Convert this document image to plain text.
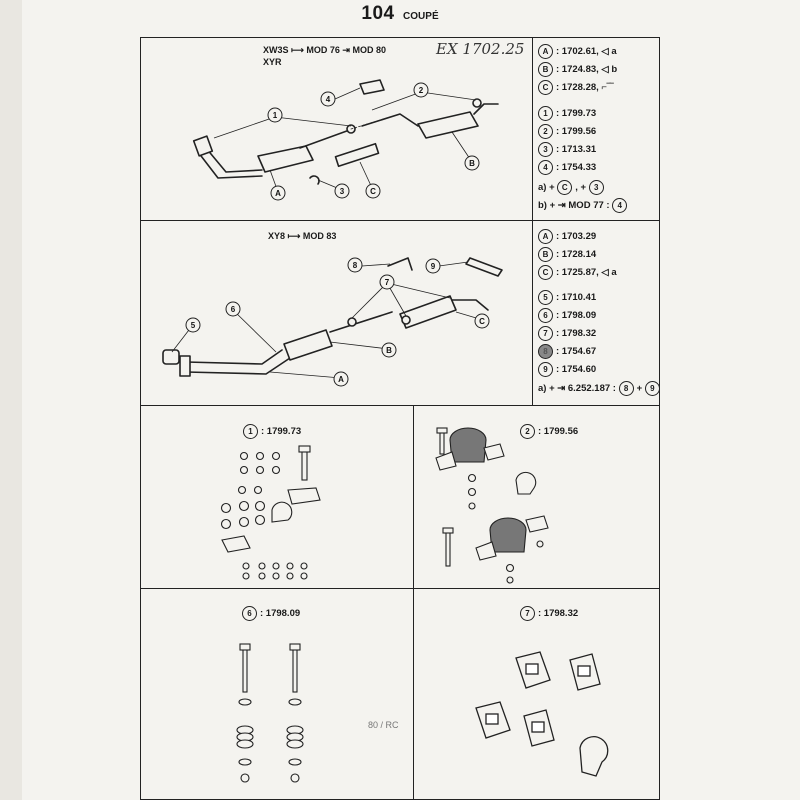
104 COUPÉ
EX 1702.25
XW3S ⟼ MOD 76 ⇥ MOD 80
XYR
A : 1702.61, ◁ a
B : 1724.83, ◁ b
C : 1728.28, ⌐‾‾
1 : 1799.73
2 : 1799.56
3 : 1713.31
4 : 1754.33
a) +
C , +
3
b) + ⇥ MOD 77 :
4
XY8 ⟼ MOD 83	A : 1703.29
B : 1728.14
C : 1725.87, ◁ a
5 : 1710.41
6 : 1798.09
7 : 1798.32
8 : 1754.67
9 : 1754.60
a) + ⇥ 6.252.187 :
8 +
9
1 : 1799.73	2 : 1799.56
6 : 1798.09	7 : 1798.32
80 / RC
1
2
3
4
A
B
C
5
6
7
8	9
A
B
C
